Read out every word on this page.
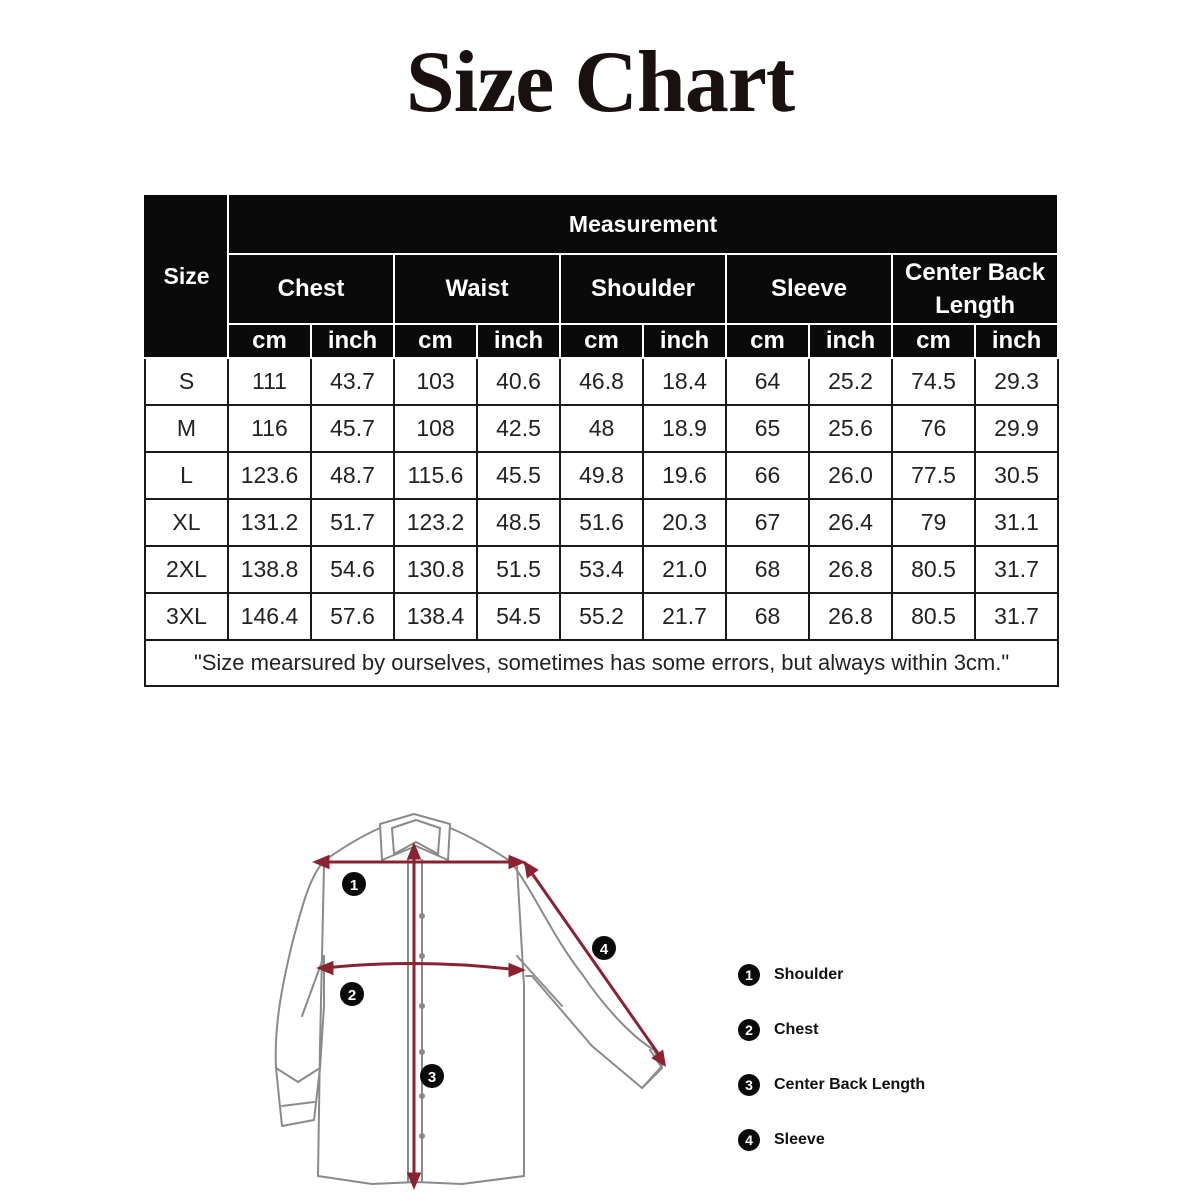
Size Chart
Size	Measurement									
	Chest		Waist		Shoulder		Sleeve		Center Back Length	
	cm	inch	cm	inch	cm	inch	cm	inch	cm	inch
S	111	43.7	103	40.6	46.8	18.4	64	25.2	74.5	29.3
M	116	45.7	108	42.5	48	18.9	65	25.6	76	29.9
L	123.6	48.7	115.6	45.5	49.8	19.6	66	26.0	77.5	30.5
XL	131.2	51.7	123.2	48.5	51.6	20.3	67	26.4	79	31.1
2XL	138.8	54.6	130.8	51.5	53.4	21.0	68	26.8	80.5	31.7
3XL	146.4	57.6	138.4	54.5	55.2	21.7	68	26.8	80.5	31.7
"Size mearsured by ourselves, sometimes has some errors, but always within 3cm."										
1
2
3
4
1	Shoulder
2	Chest
3	Center Back Length
4	Sleeve
